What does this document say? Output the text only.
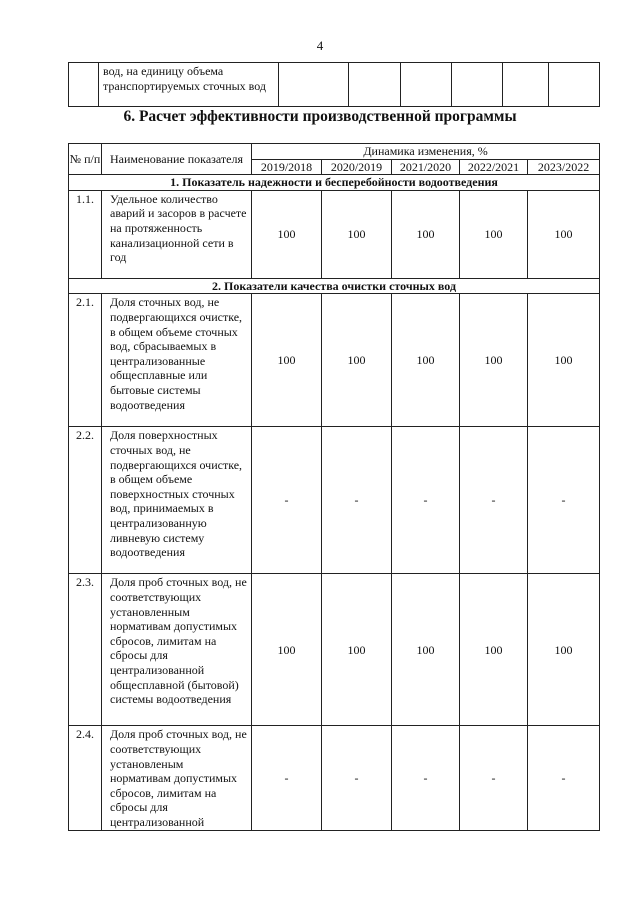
4
	вод, на единицу объема транспортируемых сточных вод						
6. Расчет эффективности производственной программы
№ п/п	Наименование показателя	Динамика изменения, %				
		2019/2018	2020/2019	2021/2020	2022/2021	2023/2022
1. Показатель надежности и бесперебойности водоотведения						
1.1.	Удельное количество аварий и засоров в расчете на протяженность канализационной сети в год	100	100	100	100	100
2. Показатели качества очистки сточных вод						
2.1.	Доля сточных вод, не подвергающихся очистке, в общем объеме сточных вод, сбрасываемых в централизованные общесплавные или бытовые системы водоотведения	100	100	100	100	100
2.2.	Доля поверхностных сточных вод, не подвергающихся очистке, в общем объеме поверхностных сточных вод, принимаемых в централизованную ливневую систему водоотведения	-	-	-	-	-
2.3.	Доля проб сточных вод, не соответствующих установленным нормативам допустимых сбросов, лимитам на сбросы для централизованной общесплавной (бытовой) системы водоотведения	100	100	100	100	100
2.4.	Доля проб сточных вод, не соответствующих установленым нормативам допустимых сбросов, лимитам на сбросы для централизованной	-	-	-	-	-
